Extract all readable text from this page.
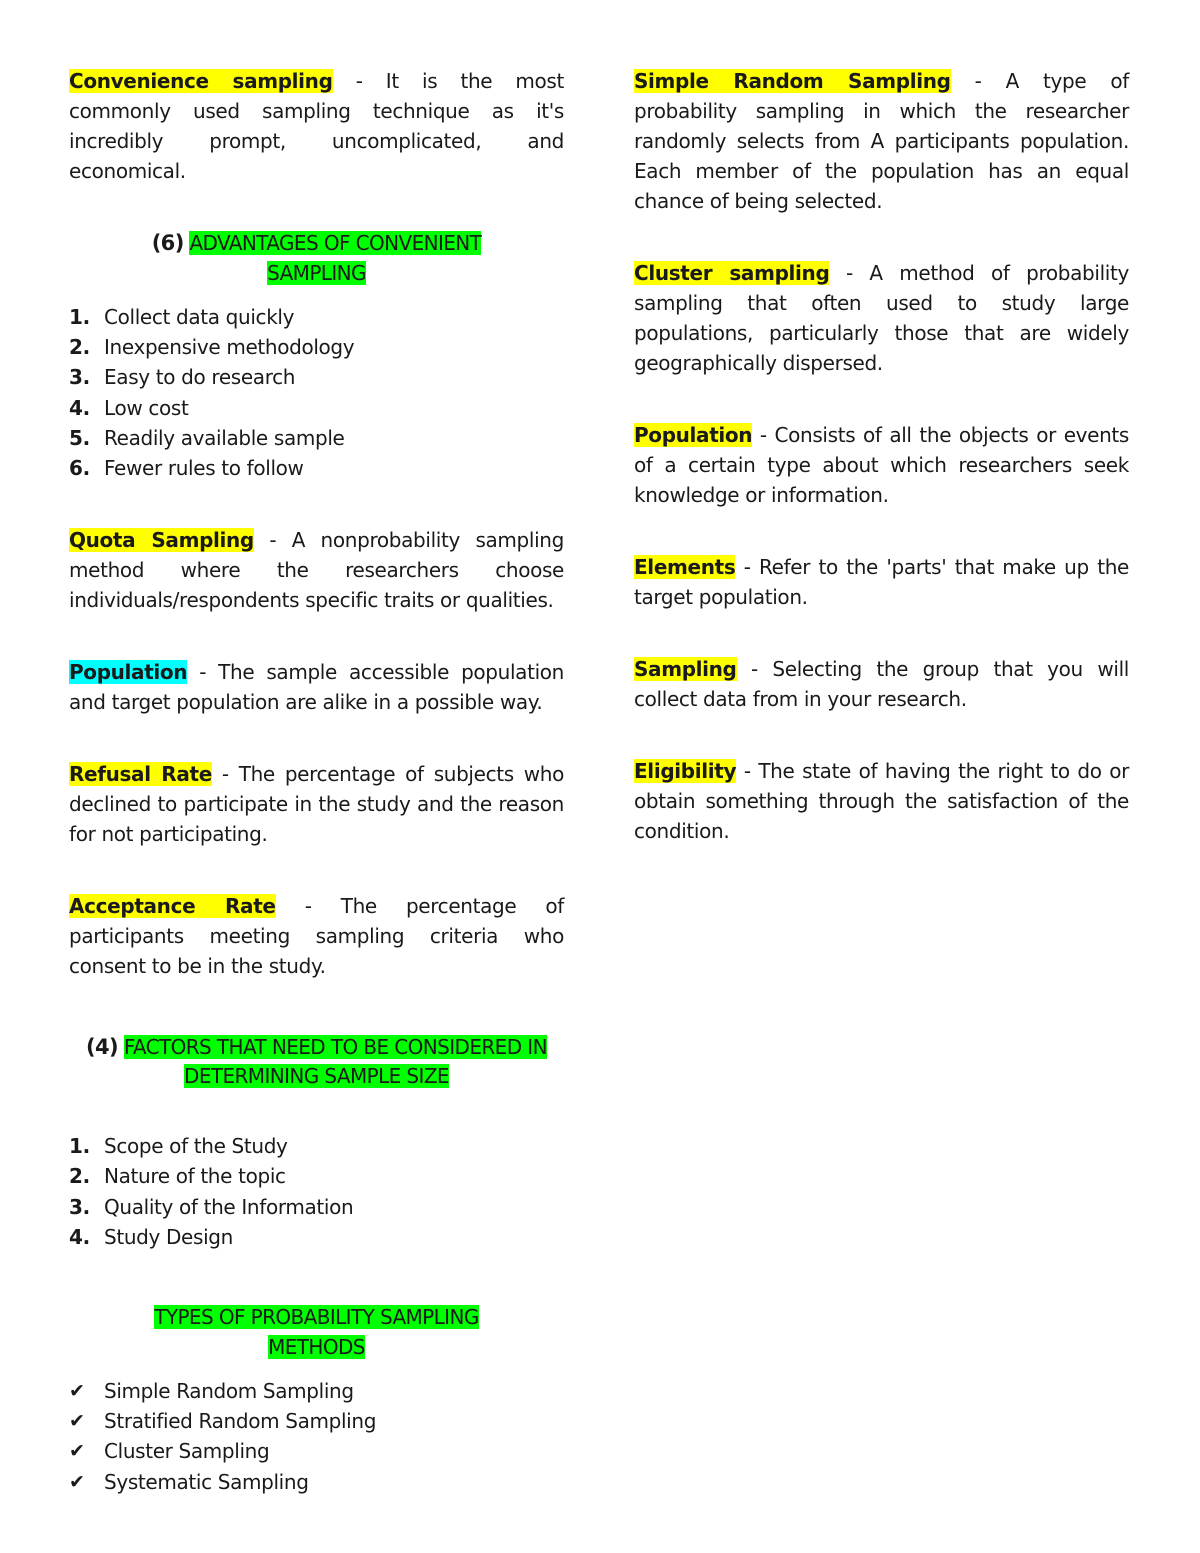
Convenience sampling - It is the most commonly used sampling technique as it's incredibly prompt, uncomplicated, and economical.

(6) ADVANTAGES OF CONVENIENT
SAMPLING
1. Collect data quickly
2. Inexpensive methodology
3. Easy to do research
4. Low cost
5. Readily available sample
6. Fewer rules to follow

Quota Sampling - A nonprobability sampling method where the researchers choose individuals/respondents specific traits or qualities.

Population - The sample accessible population and target population are alike in a possible way.

Refusal Rate - The percentage of subjects who declined to participate in the study and the reason for not participating.

Acceptance Rate - The percentage of participants meeting sampling criteria who consent to be in the study.

(4) FACTORS THAT NEED TO BE CONSIDERED IN
DETERMINING SAMPLE SIZE
1. Scope of the Study
2. Nature of the topic
3. Quality of the Information
4. Study Design
TYPES OF PROBABILITY SAMPLING
METHODS
✔ Simple Random Sampling
✔ Stratified Random Sampling
✔ Cluster Sampling
✔ Systematic Sampling

Simple Random Sampling - A type of probability sampling in which the researcher randomly selects from A participants population. Each member of the population has an equal chance of being selected.

Cluster sampling - A method of probability sampling that often used to study large populations, particularly those that are widely geographically dispersed.

Population - Consists of all the objects or events of a certain type about which researchers seek knowledge or information.

Elements - Refer to the 'parts' that make up the target population.

Sampling - Selecting the group that you will collect data from in your research.

Eligibility - The state of having the right to do or obtain something through the satisfaction of the condition.
